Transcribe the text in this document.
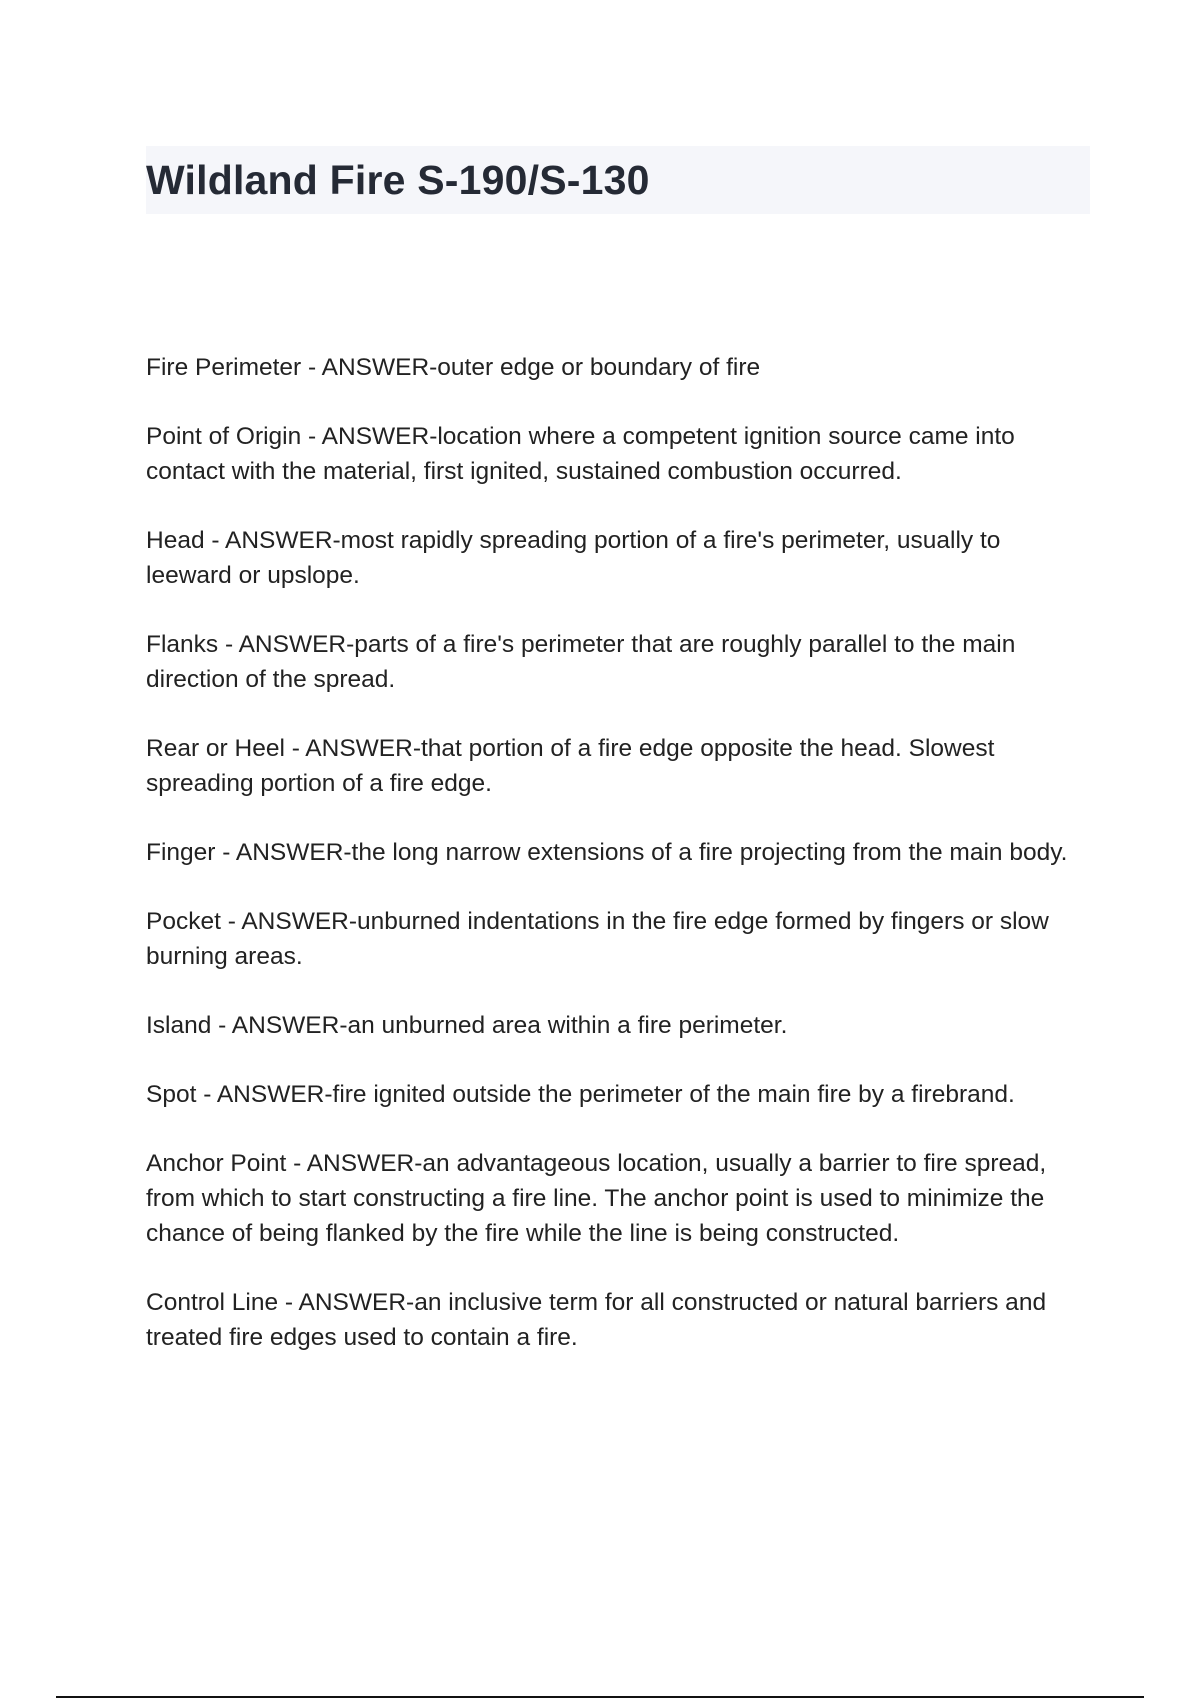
Wildland Fire S-190/S-130

Fire Perimeter - ANSWER-outer edge or boundary of fire

Point of Origin - ANSWER-location where a competent ignition source came into contact with the material, first ignited, sustained combustion occurred.

Head - ANSWER-most rapidly spreading portion of a fire's perimeter, usually to leeward or upslope.

Flanks - ANSWER-parts of a fire's perimeter that are roughly parallel to the main direction of the spread.

Rear or Heel - ANSWER-that portion of a fire edge opposite the head. Slowest spreading portion of a fire edge.

Finger - ANSWER-the long narrow extensions of a fire projecting from the main body.

Pocket - ANSWER-unburned indentations in the fire edge formed by fingers or slow burning areas.

Island - ANSWER-an unburned area within a fire perimeter.

Spot - ANSWER-fire ignited outside the perimeter of the main fire by a firebrand.

Anchor Point - ANSWER-an advantageous location, usually a barrier to fire spread, from which to start constructing a fire line. The anchor point is used to minimize the chance of being flanked by the fire while the line is being constructed.

Control Line - ANSWER-an inclusive term for all constructed or natural barriers and treated fire edges used to contain a fire.
